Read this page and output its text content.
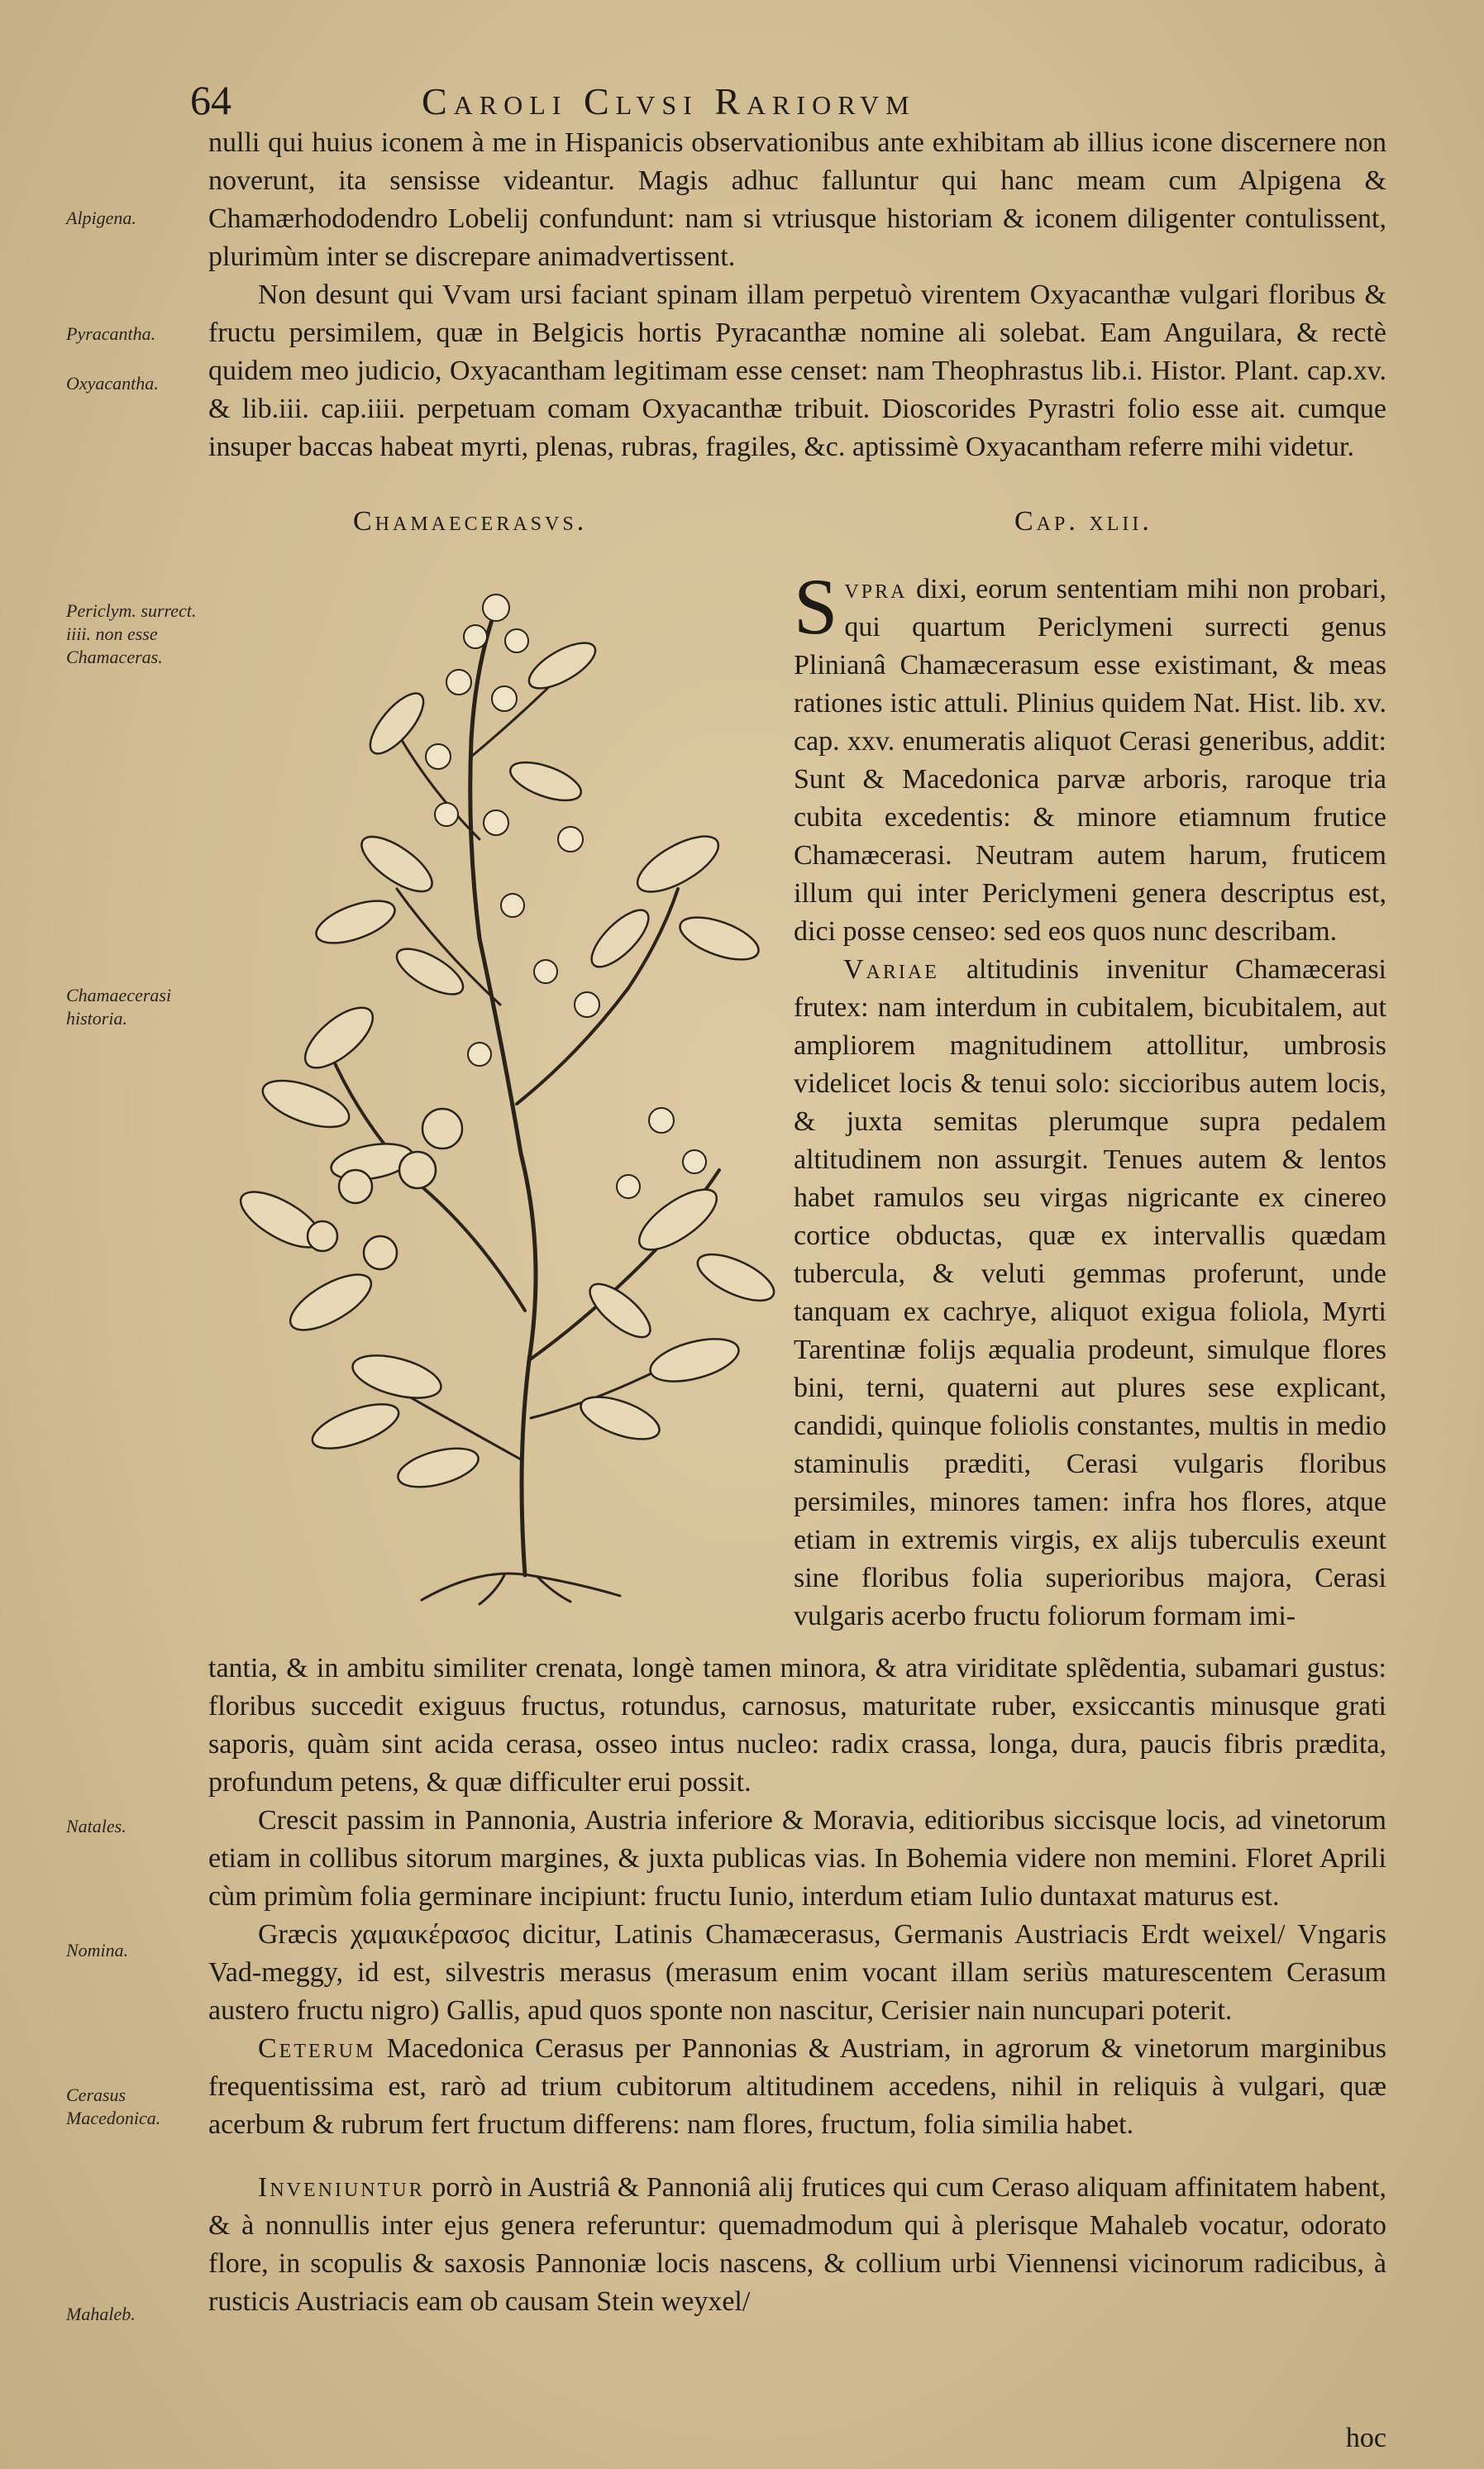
64	Caroli Clvsi Rariorvm
Alpigena.
Pyracantha.
Oxyacantha.
Periclym. surrect. iiii. non esse Chamaceras.
Chamaecerasi historia.
Natales.
Nomina.
Cerasus Macedonica.
Mahaleb.

nulli qui huius iconem à me in Hispanicis observationibus ante exhibitam ab illius icone discernere non noverunt, ita sensisse videantur. Magis adhuc falluntur qui hanc meam cum Alpigena & Chamærhododendro Lobelij confundunt: nam si vtriusque historiam & iconem diligenter contulissent, plurimùm inter se discrepare animadvertissent.

Non desunt qui Vvam ursi faciant spinam illam perpetuò virentem Oxyacanthæ vulgari floribus & fructu persimilem, quæ in Belgicis hortis Pyracanthæ nomine ali solebat. Eam Anguilara, & rectè quidem meo judicio, Oxyacantham legitimam esse censet: nam Theophrastus lib.i. Histor. Plant. cap.xv. & lib.iii. cap.iiii. perpetuam comam Oxyacanthæ tribuit. Dioscorides Pyrastri folio esse ait. cumque insuper baccas habeat myrti, plenas, rubras, fragiles, &c. aptissimè Oxyacantham referre mihi videtur.

Chamaecerasvs.	Cap. xlii.

Svpra dixi, eorum sententiam mihi non probari, qui quartum Periclymeni surrecti genus Plinianâ Chamæcerasum esse existimant, & meas rationes istic attuli. Plinius quidem Nat. Hist. lib. xv. cap. xxv. enumeratis aliquot Cerasi generibus, addit: Sunt & Macedonica parvæ arboris, raroque tria cubita excedentis: & minore etiamnum frutice Chamæcerasi. Neutram autem harum, fruticem illum qui inter Periclymeni genera descriptus est, dici posse censeo: sed eos quos nunc describam.

Variae altitudinis invenitur Chamæcerasi frutex: nam interdum in cubitalem, bicubitalem, aut ampliorem magnitudinem attollitur, umbrosis videlicet locis & tenui solo: siccioribus autem locis, & juxta semitas plerumque supra pedalem altitudinem non assurgit. Tenues autem & lentos habet ramulos seu virgas nigricante ex cinereo cortice obductas, quæ ex intervallis quædam tubercula, & veluti gemmas proferunt, unde tanquam ex cachrye, aliquot exigua foliola, Myrti Tarentinæ folijs æqualia prodeunt, simulque flores bini, terni, quaterni aut plures sese explicant, candidi, quinque foliolis constantes, multis in medio staminulis præditi, Cerasi vulgaris floribus persimiles, minores tamen: infra hos flores, atque etiam in extremis virgis, ex alijs tuberculis exeunt sine floribus folia superioribus majora, Cerasi vulgaris acerbo fructu foliorum formam imi-

tantia, & in ambitu similiter crenata, longè tamen minora, & atra viriditate splẽdentia, subamari gustus: floribus succedit exiguus fructus, rotundus, carnosus, maturitate ruber, exsiccantis minusque grati saporis, quàm sint acida cerasa, osseo intus nucleo: radix crassa, longa, dura, paucis fibris prædita, profundum petens, & quæ difficulter erui possit.

Crescit passim in Pannonia, Austria inferiore & Moravia, editioribus siccisque locis, ad vinetorum etiam in collibus sitorum margines, & juxta publicas vias. In Bohemia videre non memini. Floret Aprili cùm primùm folia germinare incipiunt: fructu Iunio, interdum etiam Iulio duntaxat maturus est.

Græcis χαμαικέρασος dicitur, Latinis Chamæcerasus, Germanis Austriacis Erdt weixel/ Vngaris Vad-meggy, id est, silvestris merasus (merasum enim vocant illam seriùs maturescentem Cerasum austero fructu nigro) Gallis, apud quos sponte non nascitur, Cerisier nain nuncupari poterit.

Ceterum Macedonica Cerasus per Pannonias & Austriam, in agrorum & vinetorum marginibus frequentissima est, rarò ad trium cubitorum altitudinem accedens, nihil in reliquis à vulgari, quæ acerbum & rubrum fert fructum differens: nam flores, fructum, folia similia habet.

Inveniuntur porrò in Austriâ & Pannoniâ alij frutices qui cum Ceraso aliquam affinitatem habent, & à nonnullis inter ejus genera referuntur: quemadmodum qui à plerisque Mahaleb vocatur, odorato flore, in scopulis & saxosis Pannoniæ locis nascens, & collium urbi Viennensi vicinorum radicibus, à rusticis Austriacis eam ob causam Stein weyxel/

hoc
